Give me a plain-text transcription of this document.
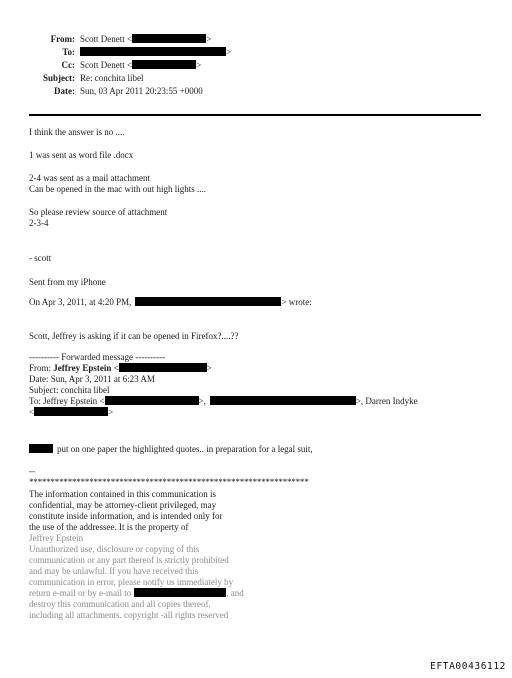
From: Scott Denett <	>
To:	>
Cc: Scott Denett <	>
Subject: Re: conchita libel
Date: Sun, 03 Apr 2011 20:23:55 +0000
I think the answer is no ....
1 was sent as word file .docx
2-4 was sent as a mail attachment
Can be opened in the mac with out high lights ....
So please review source of attachment
2-3-4
- scott
Sent from my iPhone
On Apr 3, 2011, at 4:20 PM,	> wrote:
Scott, Jeffrey is asking if it can be opened in Firefox?....??
---------- Forwarded message ----------
From: Jeffrey Epstein <	>
Date: Sun, Apr 3, 2011 at 6:23 AM
Subject: conchita libel
To: Jeffrey Epstein <	>,	>, Darren Indyke
<	>
put on one paper the highlighted quotes.. in preparation for a legal suit,
--
*****************************************************************
The information contained in this communication is
confidential, may be attorney-client privileged, may
constitute inside information, and is intended only for
the use of the addressee. It is the property of
Jeffrey Epstein
Unauthorized use, disclosure or copying of this
communication or any part thereof is strictly prohibited
and may be unlawful. If you have received this
communication in error, please notify us immediately by
return e-mail or by e-mail to	, and
destroy this communication and all copies thereof,
including all attachments. copyright -all rights reserved
EFTA00436112
